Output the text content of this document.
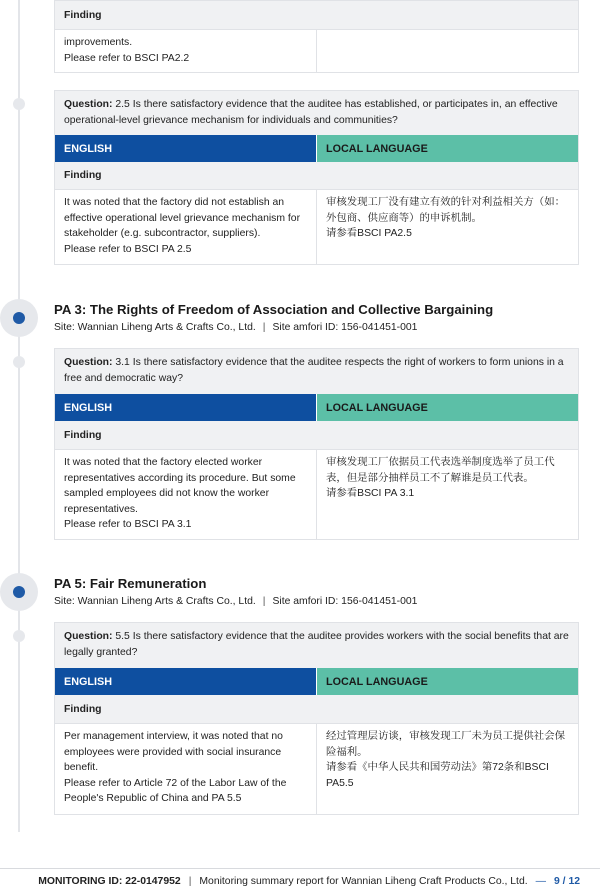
Finding
improvements.
Please refer to BSCI PA2.2
Question: 2.5 Is there satisfactory evidence that the auditee has established, or participates in, an effective operational-level grievance mechanism for individuals and communities?
ENGLISH	LOCAL LANGUAGE
Finding
It was noted that the factory did not establish an effective operational level grievance mechanism for stakeholder (e.g. subcontractor, suppliers).
Please refer to BSCI PA 2.5
审核发现工厂没有建立有效的针对利益相关方（如：外包商、供应商等）的申诉机制。
请参看BSCI PA2.5
PA 3: The Rights of Freedom of Association and Collective Bargaining
Site: Wannian Liheng Arts & Crafts Co., Ltd. | Site amfori ID: 156-041451-001
Question: 3.1 Is there satisfactory evidence that the auditee respects the right of workers to form unions in a free and democratic way?
ENGLISH	LOCAL LANGUAGE
Finding
It was noted that the factory elected worker representatives according its procedure. But some sampled employees did not know the worker representatives.
Please refer to BSCI PA 3.1
审核发现工厂依据员工代表选举制度选举了员工代表，但是部分抽样员工不了解谁是员工代表。
请参看BSCI PA 3.1
PA 5: Fair Remuneration
Site: Wannian Liheng Arts & Crafts Co., Ltd. | Site amfori ID: 156-041451-001
Question: 5.5 Is there satisfactory evidence that the auditee provides workers with the social benefits that are legally granted?
ENGLISH	LOCAL LANGUAGE
Finding
Per management interview, it was noted that no employees were provided with social insurance benefit.
Please refer to Article 72 of the Labor Law of the People's Republic of China and PA 5.5
经过管理层访谈，审核发现工厂未为员工提供社会保险福利。
请参看《中华人民共和国劳动法》第72条和BSCI PA5.5
MONITORING ID: 22-0147952 | Monitoring summary report for Wannian Liheng Craft Products Co., Ltd. — 9 / 12
